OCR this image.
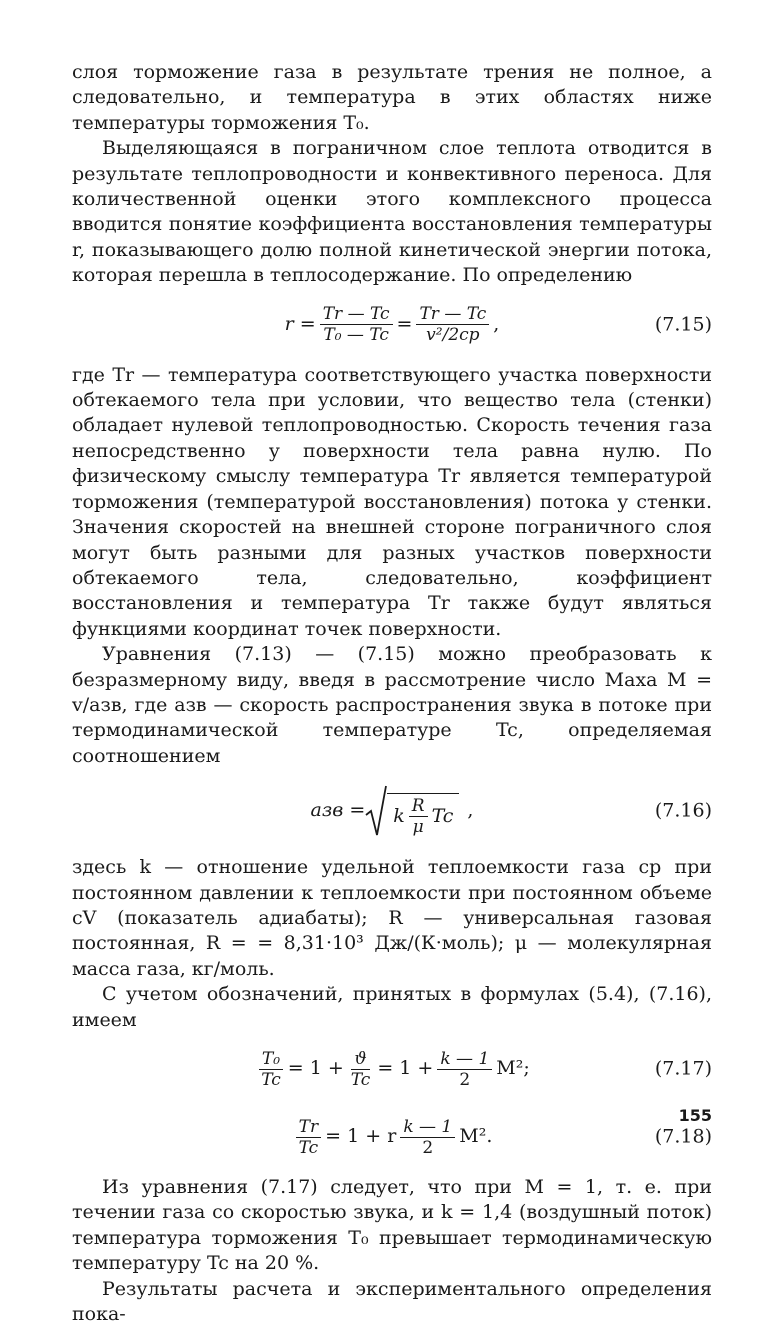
слоя торможение газа в результате трения не полное, а следовательно, и температура в этих областях ниже температуры торможения T₀.

Выделяющаяся в пограничном слое теплота отводится в результате теплопроводности и конвективного переноса. Для количественной оценки этого комплексного процесса вводится понятие коэффициента восстановления температуры r, показывающего долю полной кинетической энергии потока, которая перешла в теплосодержание. По определению

$r = \frac{Tr — Tc}{\text{T₀ — Tc}} = \frac{Tr — Tc}{\text{v²/2cp}}$ ,	(7.15)

где Tr — температура соответствующего участка поверхности обтекаемого тела при условии, что вещество тела (стенки) обладает нулевой теплопроводностью. Скорость течения газа непосредственно у поверхности тела равна нулю. По физическому смыслу температура Tr является температурой торможения (температурой восстановления) потока у стенки. Значения скоростей на внешней стороне пограничного слоя могут быть разными для разных участков поверхности обтекаемого тела, следовательно, коэффициент восстановления и температура Tr также будут являться функциями координат точек поверхности.

Уравнения (7.13) — (7.15) можно преобразовать к безразмерному виду, введя в рассмотрение число Маха M = v/aзв, где aзв — скорость распространения звука в потоке при термодинамической температуре Tc, определяемая соотношением

aзв = k $\frac{R}{\mu}$ Tc ,	(7.16)

здесь k — отношение удельной теплоемкости газа cp при постоянном давлении к теплоемкости при постоянном объеме cV (показатель адиабаты); R — универсальная газовая постоянная, R = = 8,31·10³ Дж/(К·моль); μ — молекулярная масса газа, кг/моль.

С учетом обозначений, принятых в формулах (5.4), (7.16), имеем

$\frac{\text{T₀}}{Tc} = 1 + \frac{ϑ}{Tc} = 1 + \frac{k — 1}{2} M^2$;	(7.17)
$\frac{Tr}{Tc} = 1 + r \frac{k — 1}{2} M^2$.	(7.18)

Из уравнения (7.17) следует, что при M = 1, т. е. при течении газа со скоростью звука, и k = 1,4 (воздушный поток) температура торможения T₀ превышает термодинамическую температуру Tc на 20 %.

Результаты расчета и экспериментального определения пока-

155
